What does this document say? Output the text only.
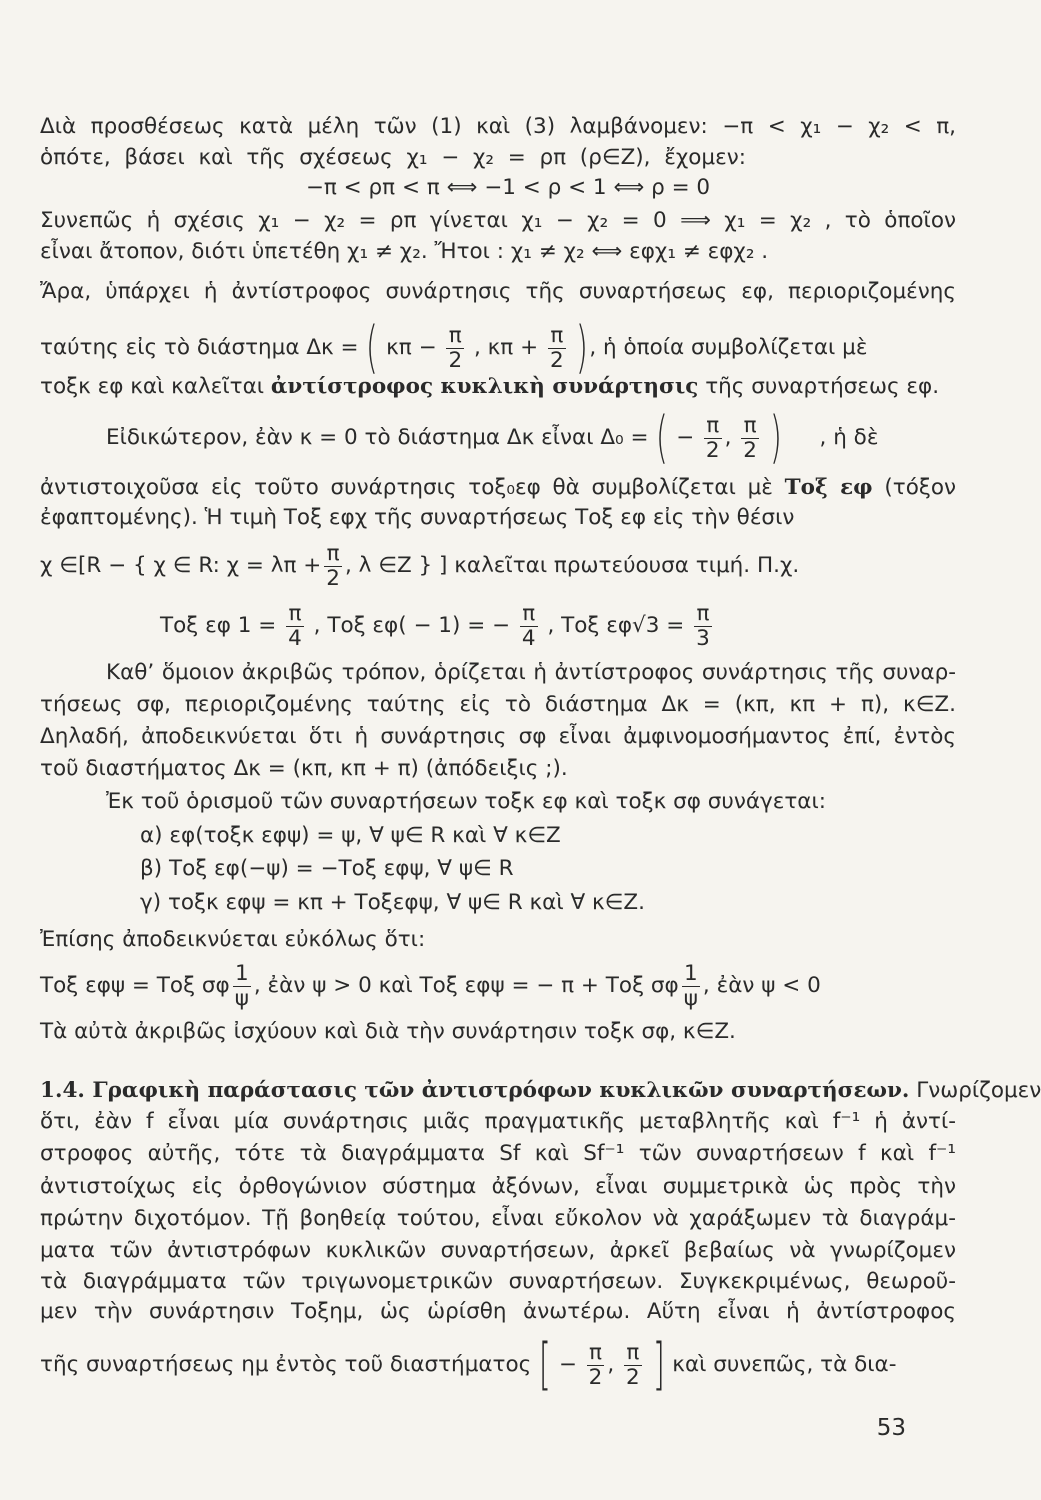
Διὰ προσθέσεως κατὰ μέλη τῶν (1) καὶ (3) λαμβάνομεν: −π < χ₁ − χ₂ < π,
ὁπότε, βάσει καὶ τῆς σχέσεως χ₁ − χ₂ = ρπ (ρ∈Z), ἔχομεν:
−π < ρπ < π ⟺ −1 < ρ < 1 ⟺ ρ = 0
Συνεπῶς ἡ σχέσις χ₁ − χ₂ = ρπ γίνεται χ₁ − χ₂ = 0 ⟹ χ₁ = χ₂ , τὸ ὁποῖον
εἶναι ἄτοπον, διότι ὑπετέθη χ₁ ≠ χ₂. Ἤτοι : χ₁ ≠ χ₂ ⟺ εφχ₁ ≠ εφχ₂ .
Ἄρα, ὑπάρχει ἡ ἀντίστροφος συνάρτησις τῆς συναρτήσεως εφ, περιοριζομένης
ταύτης εἰς τὸ διάστημα Δκ = ( $\kappa\pi - \frac{\pi}{2}$ , $\kappa\pi + \frac{\pi}{2}$ ), ἡ ὁποία συμβολίζεται μὲ
τοξκ εφ καὶ καλεῖται ἀντίστροφος κυκλικὴ συνάρτησις τῆς συναρτήσεως εφ.
Εἰδικώτερον, ἐὰν κ = 0 τὸ διάστημα Δκ εἶναι Δ₀ = ( − $\frac{\pi}{2}$ , $\frac{\pi}{2}$ ) , ἡ δὲ
ἀντιστοιχοῦσα εἰς τοῦτο συνάρτησις τοξ₀εφ θὰ συμβολίζεται μὲ Τοξ εφ (τόξον
ἐφαπτομένης). Ἡ τιμὴ Τοξ εφχ τῆς συναρτήσεως Τοξ εφ εἰς τὴν θέσιν
χ ∈[R − { χ ∈ R: $\chi = \lambda\pi + \frac{\pi}{2}$ , λ ∈Z } ] καλεῖται πρωτεύουσα τιμή. Π.χ.
Τοξ εφ $1 = \frac{\pi}{4}$ , Τοξ εφ( − 1) = − $\frac{\pi}{4}$ , Τοξ $\varepsilon\varphi√3 = \frac{\pi}{3}$
Καθ’ ὅμοιον ἀκριβῶς τρόπον, ὁρίζεται ἡ ἀντίστροφος συνάρτησις τῆς συναρ-
τήσεως σφ, περιοριζομένης ταύτης εἰς τὸ διάστημα Δκ = (κπ, κπ + π), κ∈Z.
Δηλαδή, ἀποδεικνύεται ὅτι ἡ συνάρτησις σφ εἶναι ἀμφινομοσήμαντος ἐπί, ἐντὸς
τοῦ διαστήματος Δκ = (κπ, κπ + π) (ἀπόδειξις ;).
Ἐκ τοῦ ὁρισμοῦ τῶν συναρτήσεων τοξκ εφ καὶ τοξκ σφ συνάγεται:
α) εφ(τοξκ εφψ) = ψ, ∀ ψ∈ R καὶ ∀ κ∈Z
β) Τοξ εφ(−ψ) = −Τοξ εφψ, ∀ ψ∈ R
γ) τοξκ εφψ = κπ + Τοξεφψ, ∀ ψ∈ R καὶ ∀ κ∈Z.
Ἐπίσης ἀποδεικνύεται εὐκόλως ὅτι:
Τοξ εφψ = Τοξ σφ $\frac{1}{\psi}$ , ἐὰν ψ > 0 καὶ Τοξ εφψ = − π + Τοξ σφ $\frac{1}{\psi}$ , ἐὰν ψ < 0
Τὰ αὐτὰ ἀκριβῶς ἰσχύουν καὶ διὰ τὴν συνάρτησιν τοξκ σφ, κ∈Z.
1.4. Γραφικὴ παράστασις τῶν ἀντιστρόφων κυκλικῶν συναρτήσεων. Γνωρίζομεν
ὅτι, ἐὰν f εἶναι μία συνάρτησις μιᾶς πραγματικῆς μεταβλητῆς καὶ f⁻¹ ἡ ἀντί-
στροφος αὐτῆς, τότε τὰ διαγράμματα Sf καὶ Sf⁻¹ τῶν συναρτήσεων f καὶ f⁻¹
ἀντιστοίχως εἰς ὀρθογώνιον σύστημα ἀξόνων, εἶναι συμμετρικὰ ὡς πρὸς τὴν
πρώτην διχοτόμον. Τῇ βοηθείᾳ τούτου, εἶναι εὔκολον νὰ χαράξωμεν τὰ διαγράμ-
ματα τῶν ἀντιστρόφων κυκλικῶν συναρτήσεων, ἀρκεῖ βεβαίως νὰ γνωρίζομεν
τὰ διαγράμματα τῶν τριγωνομετρικῶν συναρτήσεων. Συγκεκριμένως, θεωροῦ-
μεν τὴν συνάρτησιν Τοξημ, ὡς ὡρίσθη ἀνωτέρω. Αὕτη εἶναι ἡ ἀντίστροφος
τῆς συναρτήσεως ημ ἐντὸς τοῦ διαστήματος [ − $\frac{\pi}{2}$ , $\frac{\pi}{2}$ ] καὶ συνεπῶς, τὰ δια-
53
